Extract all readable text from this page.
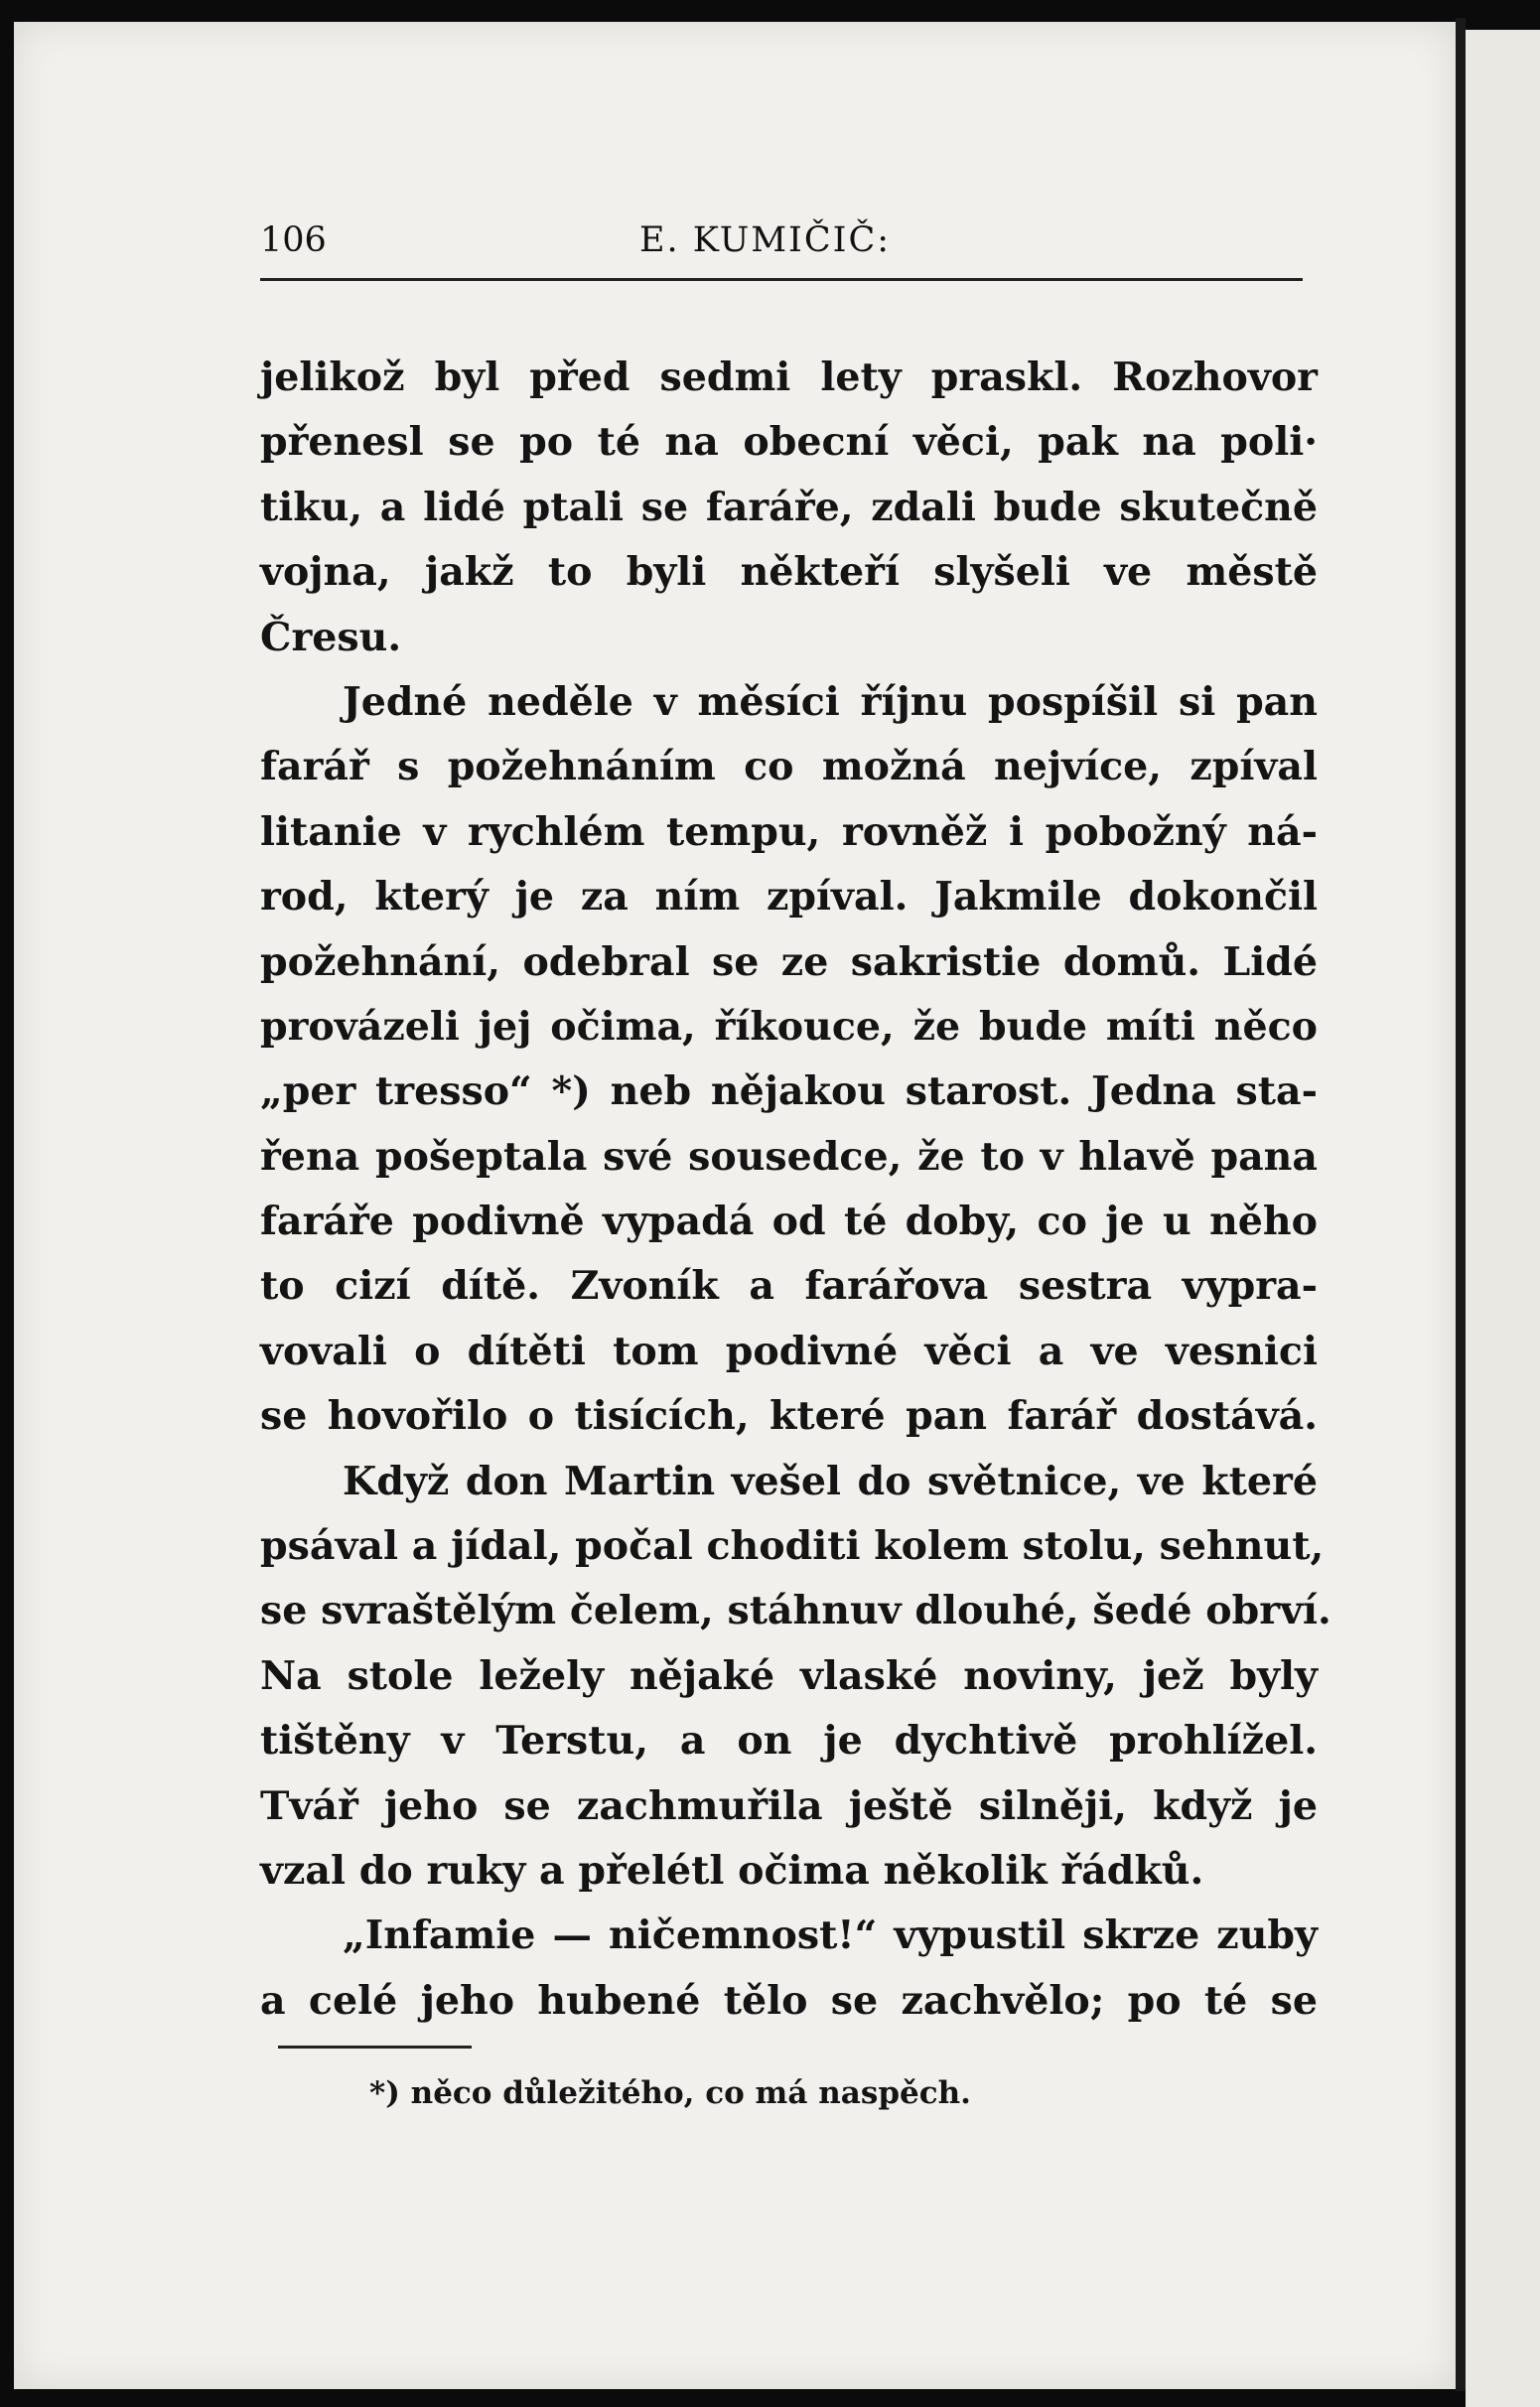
106	E. KUMIČIČ:
jelikož byl před sedmi lety praskl. Rozhovor
přenesl se po té na obecní věci, pak na poli·
tiku, a lidé ptali se faráře, zdali bude skutečně
vojna, jakž to byli někteří slyšeli ve městě
Čresu.
Jedné neděle v měsíci říjnu pospíšil si pan
farář s požehnáním co možná nejvíce, zpíval
litanie v rychlém tempu, rovněž i pobožný ná-
rod, který je za ním zpíval. Jakmile dokončil
požehnání, odebral se ze sakristie domů. Lidé
provázeli jej očima, říkouce, že bude míti něco
„per tresso“ *) neb nějakou starost. Jedna sta-
řena pošeptala své sousedce, že to v hlavě pana
faráře podivně vypadá od té doby, co je u něho
to cizí dítě. Zvoník a farářova sestra vypra-
vovali o dítěti tom podivné věci a ve vesnici
se hovořilo o tisících, které pan farář dostává.
Když don Martin vešel do světnice, ve které
psával a jídal, počal choditi kolem stolu, sehnut,
se svraštělým čelem, stáhnuv dlouhé, šedé obrví.
Na stole ležely nějaké vlaské noviny, jež byly
tištěny v Terstu, a on je dychtivě prohlížel.
Tvář jeho se zachmuřila ještě silněji, když je
vzal do ruky a přelétl očima několik řádků.
„Infamie — ničemnost!“ vypustil skrze zuby
a celé jeho hubené tělo se zachvělo; po té se
*) něco důležitého, co má naspěch.
